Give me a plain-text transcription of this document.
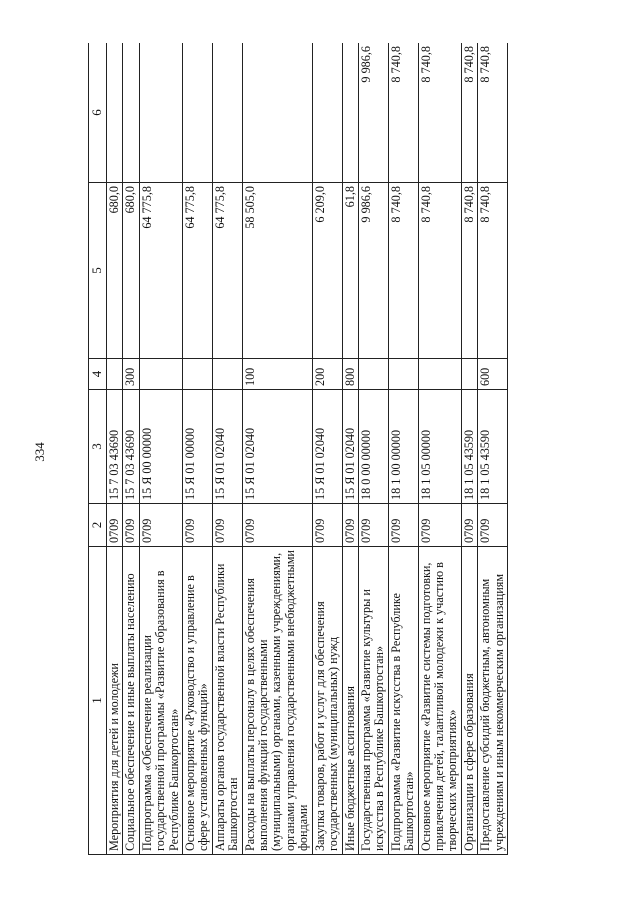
334
1	2	3	4	5	6
Мероприятия для детей и молодежи	0709	15 7 03 43690		680,0	
Социальное обеспечение и иные выплаты населению	0709	15 7 03 43690	300	680,0	
Подпрограмма «Обеспечение реализации государственной программы «Развитие образования в Республике Башкортостан»	0709	15 Я 00 00000		64 775,8	
Основное мероприятие «Руководство и управление в сфере установленных функций»	0709	15 Я 01 00000		64 775,8	
Аппараты органов государственной власти Республики Башкортостан	0709	15 Я 01 02040		64 775,8	
Расходы на выплаты персоналу в целях обеспечения выполнения функций государственными (муниципальными) органами, казенными учреждениями, органами управления государственными внебюджетными фондами	0709	15 Я 01 02040	100	58 505,0	
Закупка товаров, работ и услуг для обеспечения государственных (муниципальных) нужд	0709	15 Я 01 02040	200	6 209,0	
Иные бюджетные ассигнования	0709	15 Я 01 02040	800	61,8	
Государственная программа «Развитие культуры и искусства в Республике Башкортостан»	0709	18 0 00 00000		9 986,6	9 986,6
Подпрограмма «Развитие искусства в Республике Башкортостан»	0709	18 1 00 00000		8 740,8	8 740,8
Основное мероприятие «Развитие системы подготовки, привлечения детей, талантливой молодежи к участию в творческих мероприятиях»	0709	18 1 05 00000		8 740,8	8 740,8
Организации в сфере образования	0709	18 1 05 43590		8 740,8	8 740,8
Предоставление субсидий бюджетным, автономным учреждениям и иным некоммерческим организациям	0709	18 1 05 43590	600	8 740,8	8 740,8
